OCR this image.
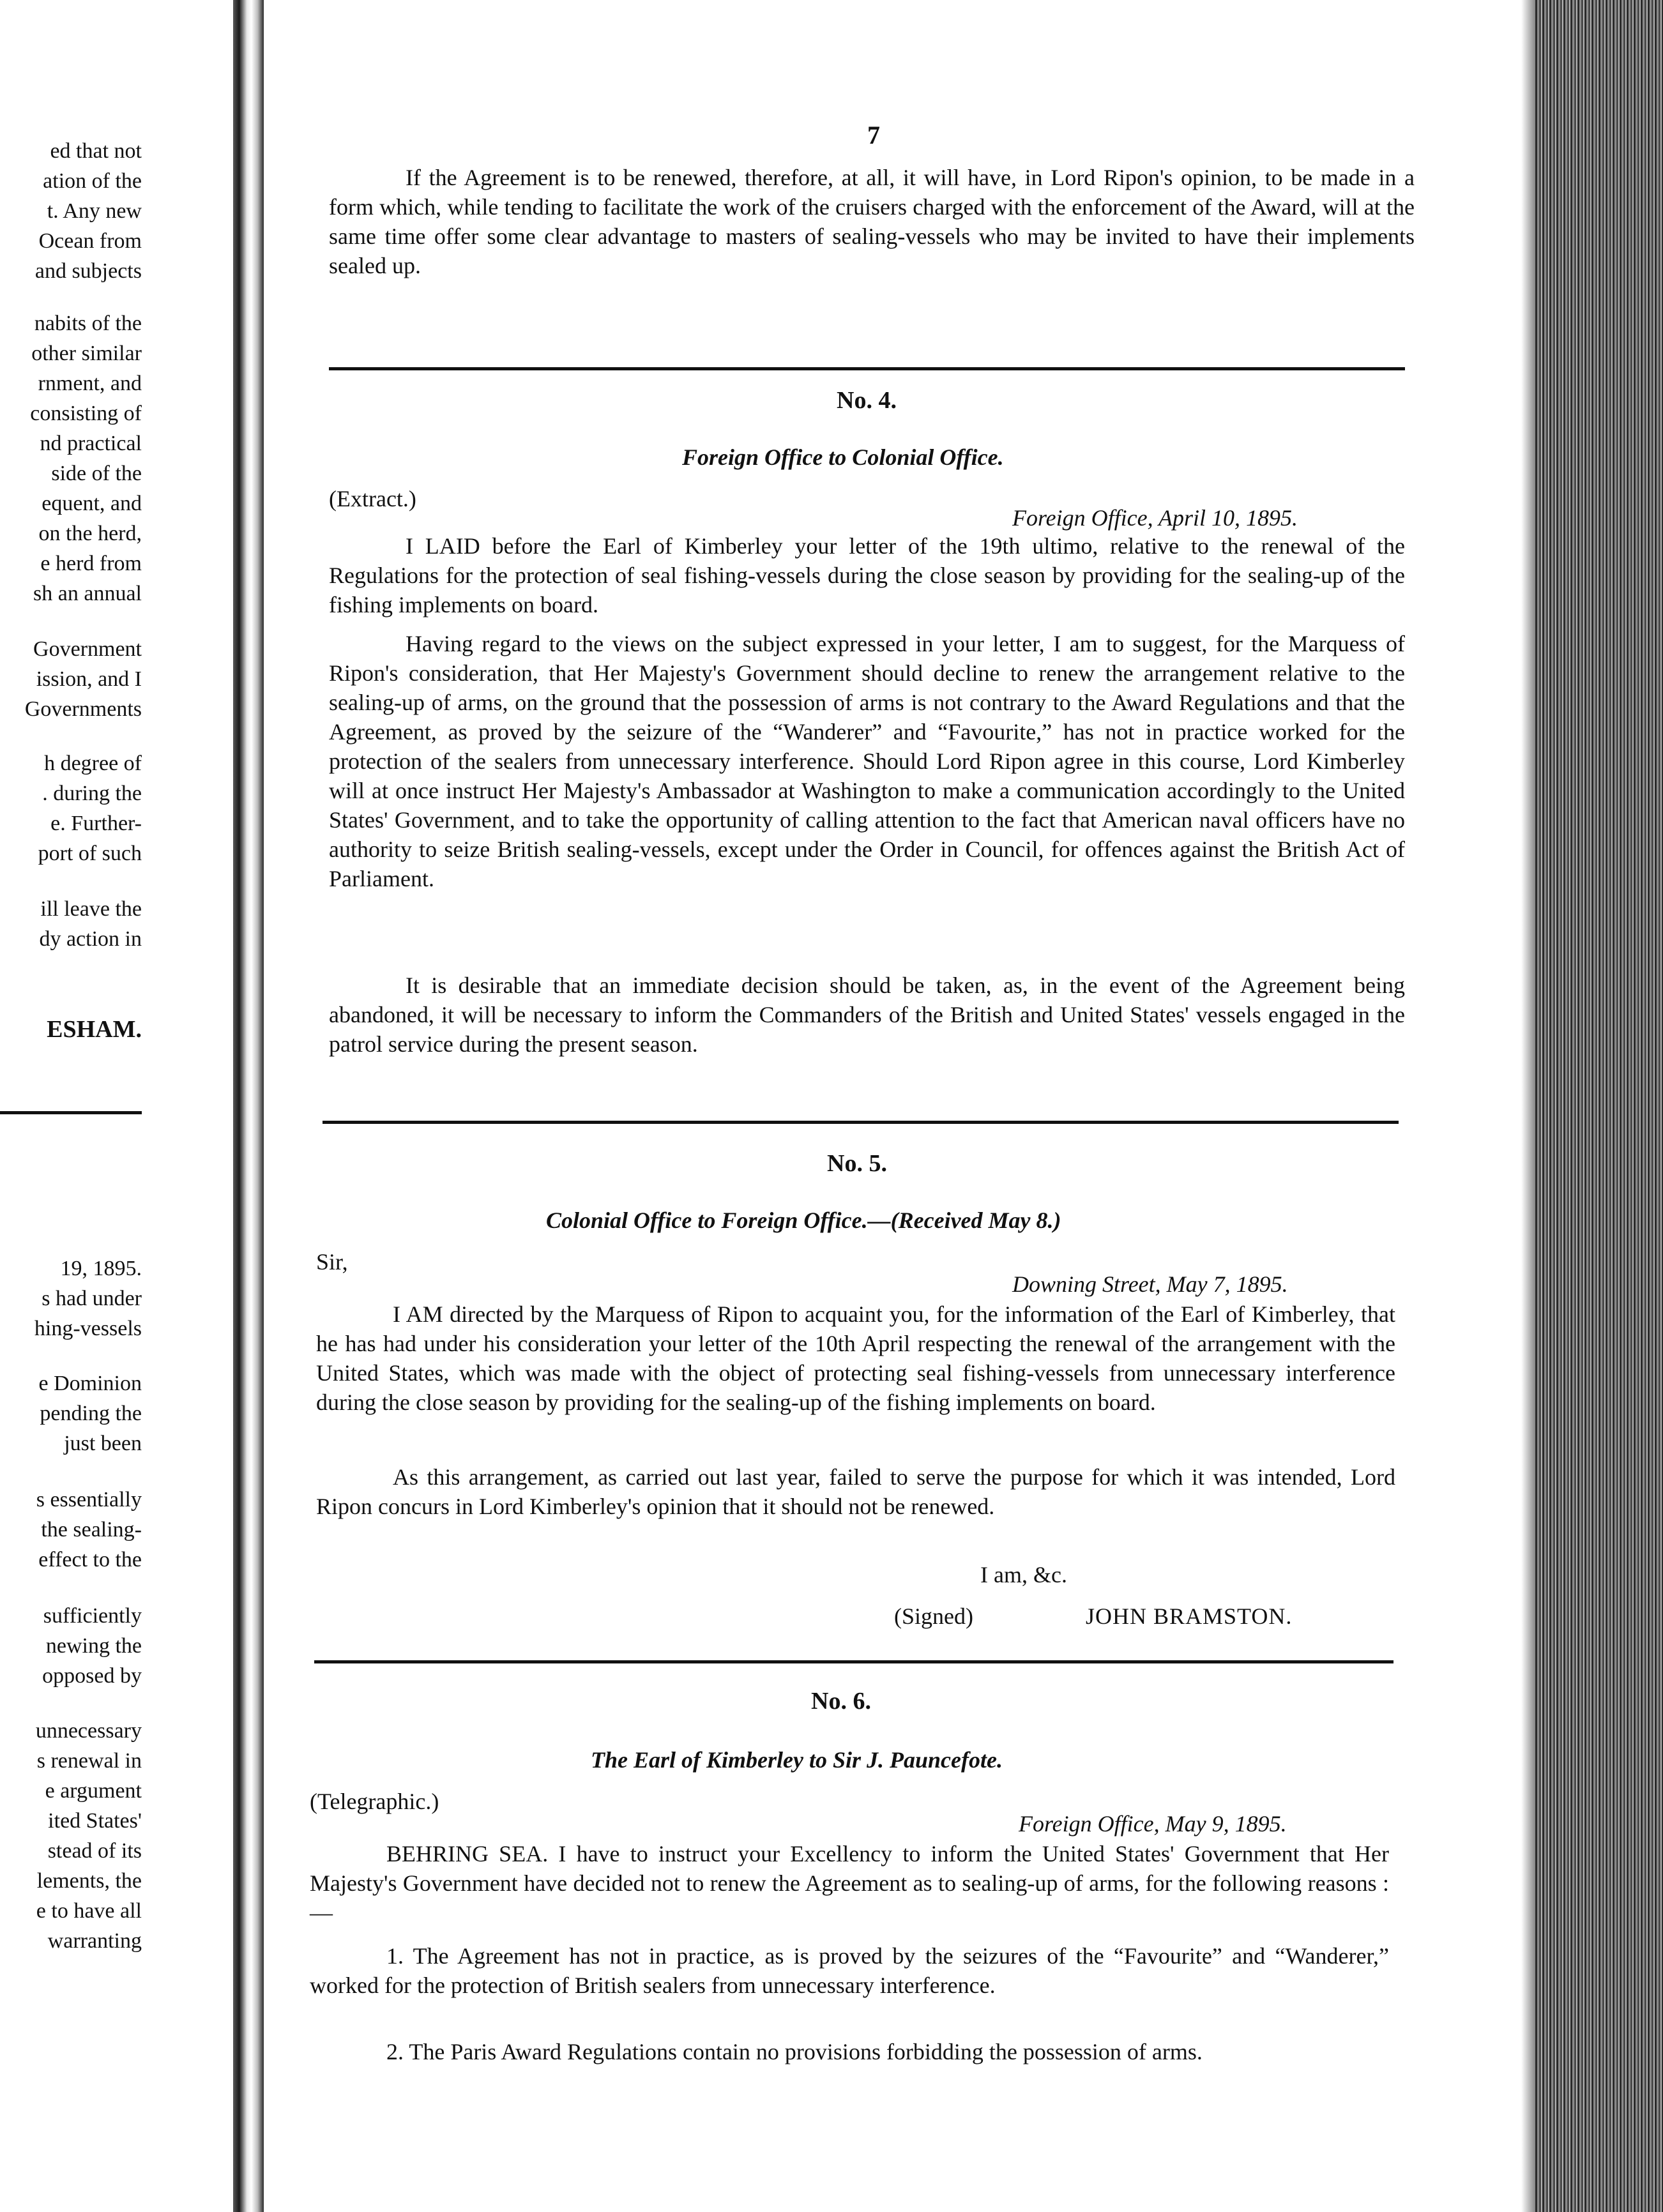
ed that not
ation of the
t. Any new
Ocean from
and subjects
nabits of the
other similar
rnment, and
consisting of
nd practical
side of the
equent, and
on the herd,
e herd from
sh an annual
Government
ission, and I
Governments
h degree of
. during the
e. Further-
port of such
ill leave the
dy action in
ESHAM.
19, 1895.
s had under
hing-vessels
e Dominion
pending the
just been
s essentially
the sealing-
effect to the
sufficiently
newing the
opposed by
unnecessary
s renewal in
e argument
ited States'
stead of its
lements, the
e to have all
warranting
7

If the Agreement is to be renewed, therefore, at all, it will have, in Lord Ripon's opinion, to be made in a form which, while tending to facilitate the work of the cruisers charged with the enforcement of the Award, will at the same time offer some clear advantage to masters of sealing-vessels who may be invited to have their implements sealed up.

No. 4.
Foreign Office to Colonial Office.
(Extract.)
Foreign Office, April 10, 1895.

I LAID before the Earl of Kimberley your letter of the 19th ultimo, relative to the renewal of the Regulations for the protection of seal fishing-vessels during the close season by providing for the sealing-up of the fishing implements on board.

Having regard to the views on the subject expressed in your letter, I am to suggest, for the Marquess of Ripon's consideration, that Her Majesty's Government should decline to renew the arrangement relative to the sealing-up of arms, on the ground that the possession of arms is not contrary to the Award Regulations and that the Agreement, as proved by the seizure of the “Wanderer” and “Favourite,” has not in practice worked for the protection of the sealers from unnecessary interference. Should Lord Ripon agree in this course, Lord Kimberley will at once instruct Her Majesty's Ambassador at Washington to make a communication accordingly to the United States' Government, and to take the opportunity of calling attention to the fact that American naval officers have no authority to seize British sealing-vessels, except under the Order in Council, for offences against the British Act of Parliament.

It is desirable that an immediate decision should be taken, as, in the event of the Agreement being abandoned, it will be necessary to inform the Commanders of the British and United States' vessels engaged in the patrol service during the present season.

No. 5.
Colonial Office to Foreign Office.—(Received May 8.)
Sir,
Downing Street, May 7, 1895.

I AM directed by the Marquess of Ripon to acquaint you, for the information of the Earl of Kimberley, that he has had under his consideration your letter of the 10th April respecting the renewal of the arrangement with the United States, which was made with the object of protecting seal fishing-vessels from unnecessary interference during the close season by providing for the sealing-up of the fishing implements on board.

As this arrangement, as carried out last year, failed to serve the purpose for which it was intended, Lord Ripon concurs in Lord Kimberley's opinion that it should not be renewed.

I am, &c.
(Signed)	JOHN BRAMSTON.
No. 6.
The Earl of Kimberley to Sir J. Pauncefote.
(Telegraphic.)
Foreign Office, May 9, 1895.

BEHRING SEA. I have to instruct your Excellency to inform the United States' Government that Her Majesty's Government have decided not to renew the Agreement as to sealing-up of arms, for the following reasons :—

1. The Agreement has not in practice, as is proved by the seizures of the “Favourite” and “Wanderer,” worked for the protection of British sealers from unnecessary interference.

2. The Paris Award Regulations contain no provisions forbidding the possession of arms.
